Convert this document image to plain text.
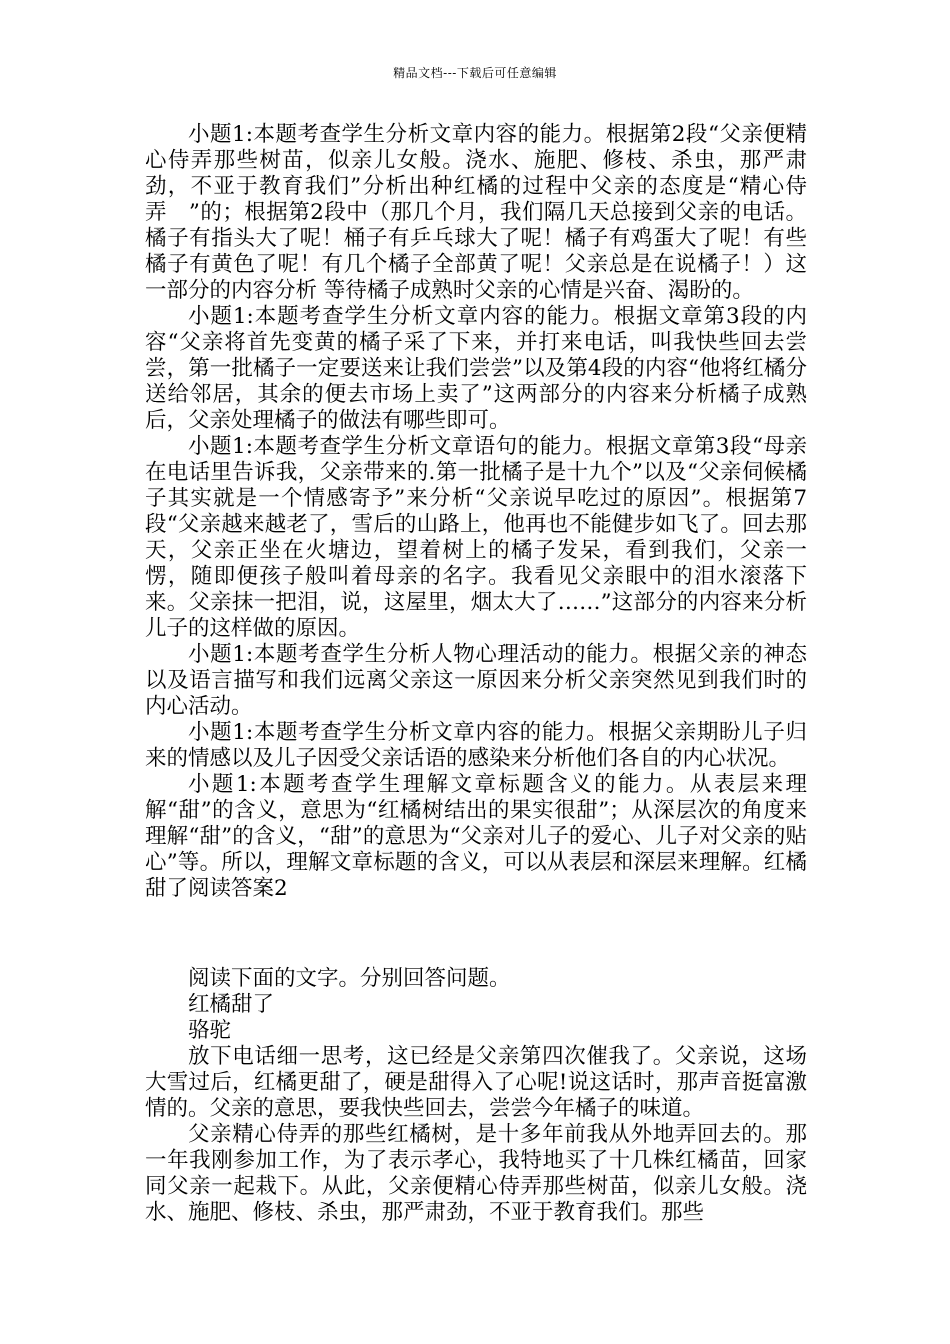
精品文档---下载后可任意编辑

小题1:本题考查学生分析文章内容的能力。根据第2段“父亲便精心侍弄那些树苗，似亲儿女般。浇水、施肥、修枝、杀虫，那严肃劲，不亚于教育我们”分析出种红橘的过程中父亲的态度是“精心侍弄　”的；根据第2段中（那几个月，我们隔几天总接到父亲的电话。橘子有指头大了呢！桶子有乒乓球大了呢！橘子有鸡蛋大了呢！有些橘子有黄色了呢！有几个橘子全部黄了呢！父亲总是在说橘子！）这一部分的内容分析 等待橘子成熟时父亲的心情是兴奋、渴盼的。

小题1:本题考查学生分析文章内容的能力。根据文章第3段的内容“父亲将首先变黄的橘子采了下来，并打来电话，叫我快些回去尝尝，第一批橘子一定要送来让我们尝尝”以及第4段的内容“他将红橘分送给邻居，其余的便去市场上卖了”这两部分的内容来分析橘子成熟后，父亲处理橘子的做法有哪些即可。

小题1:本题考查学生分析文章语句的能力。根据文章第3段“母亲在电话里告诉我，父亲带来的.第一批橘子是十九个”以及“父亲伺候橘子其实就是一个情感寄予”来分析“父亲说早吃过的原因”。根据第7段“父亲越来越老了，雪后的山路上，他再也不能健步如飞了。回去那天，父亲正坐在火塘边，望着树上的橘子发呆，看到我们，父亲一愣，随即便孩子般叫着母亲的名字。我看见父亲眼中的泪水滚落下来。父亲抹一把泪，说，这屋里，烟太大了……”这部分的内容来分析儿子的这样做的原因。

小题1:本题考查学生分析人物心理活动的能力。根据父亲的神态以及语言描写和我们远离父亲这一原因来分析父亲突然见到我们时的内心活动。

小题1:本题考查学生分析文章内容的能力。根据父亲期盼儿子归来的情感以及儿子因受父亲话语的感染来分析他们各自的内心状况。

小题1:本题考查学生理解文章标题含义的能力。从表层来理解“甜”的含义，意思为“红橘树结出的果实很甜”；从深层次的角度来理解“甜”的含义，“甜”的意思为“父亲对儿子的爱心、儿子对父亲的贴心”等。所以，理解文章标题的含义，可以从表层和深层来理解。红橘甜了阅读答案2

阅读下面的文字。分别回答问题。

红橘甜了

骆驼

放下电话细一思考，这已经是父亲第四次催我了。父亲说，这场大雪过后，红橘更甜了，硬是甜得入了心呢!说这话时，那声音挺富激情的。父亲的意思，要我快些回去，尝尝今年橘子的味道。

父亲精心侍弄的那些红橘树，是十多年前我从外地弄回去的。那一年我刚参加工作，为了表示孝心，我特地买了十几株红橘苗，回家同父亲一起栽下。从此，父亲便精心侍弄那些树苗，似亲儿女般。浇水、施肥、修枝、杀虫，那严肃劲，不亚于教育我们。那些
